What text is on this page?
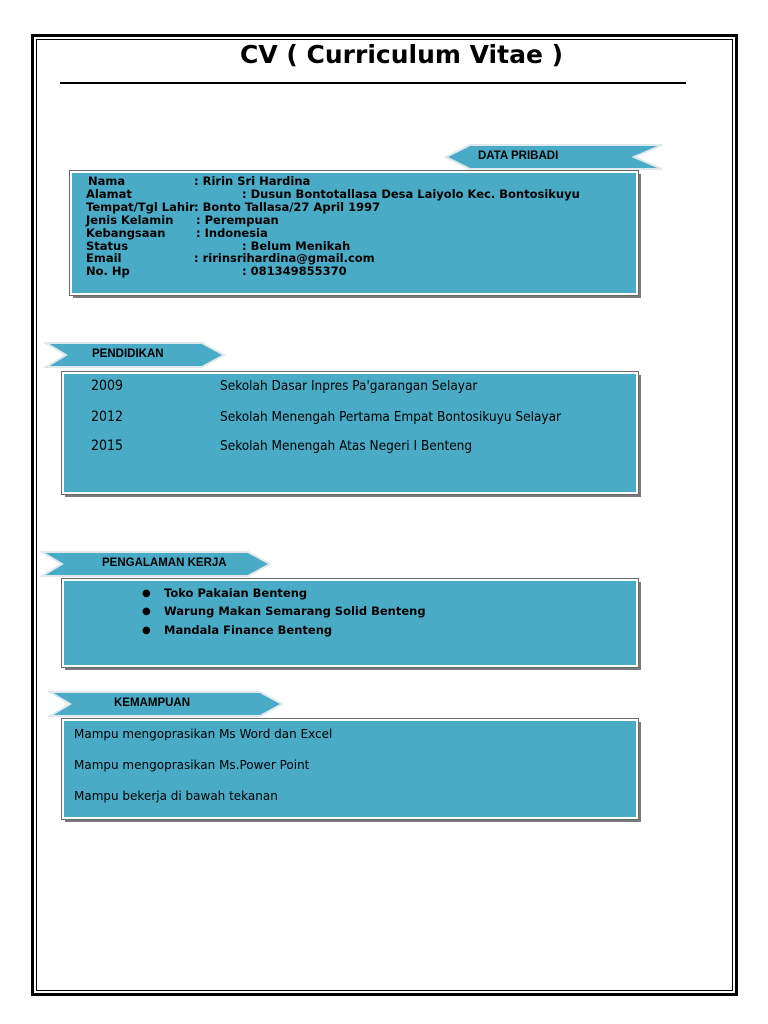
CV ( Curriculum Vitae )
DATA PRIBADI
Nama	: Ririn Sri Hardina
Alamat	: Dusun Bontotallasa Desa Laiyolo Kec. Bontosikuyu
Tempat/Tgl Lahir : Bonto Tallasa/27 April 1997
Jenis Kelamin : Perempuan
Kebangsaan	: Indonesia
Status	: Belum Menikah
Email	: ririnsrihardina@gmail.com
No. Hp	: 081349855370
PENDIDIKAN
2009	Sekolah Dasar Inpres Pa'garangan Selayar
2012	Sekolah Menengah Pertama Empat Bontosikuyu Selayar
2015	Sekolah Menengah Atas Negeri I Benteng
PENGALAMAN KERJA
● Toko Pakaian Benteng
● Warung Makan Semarang Solid Benteng
● Mandala Finance Benteng
KEMAMPUAN
Mampu mengoprasikan Ms Word dan Excel
Mampu mengoprasikan Ms.Power Point
Mampu bekerja di bawah tekanan
